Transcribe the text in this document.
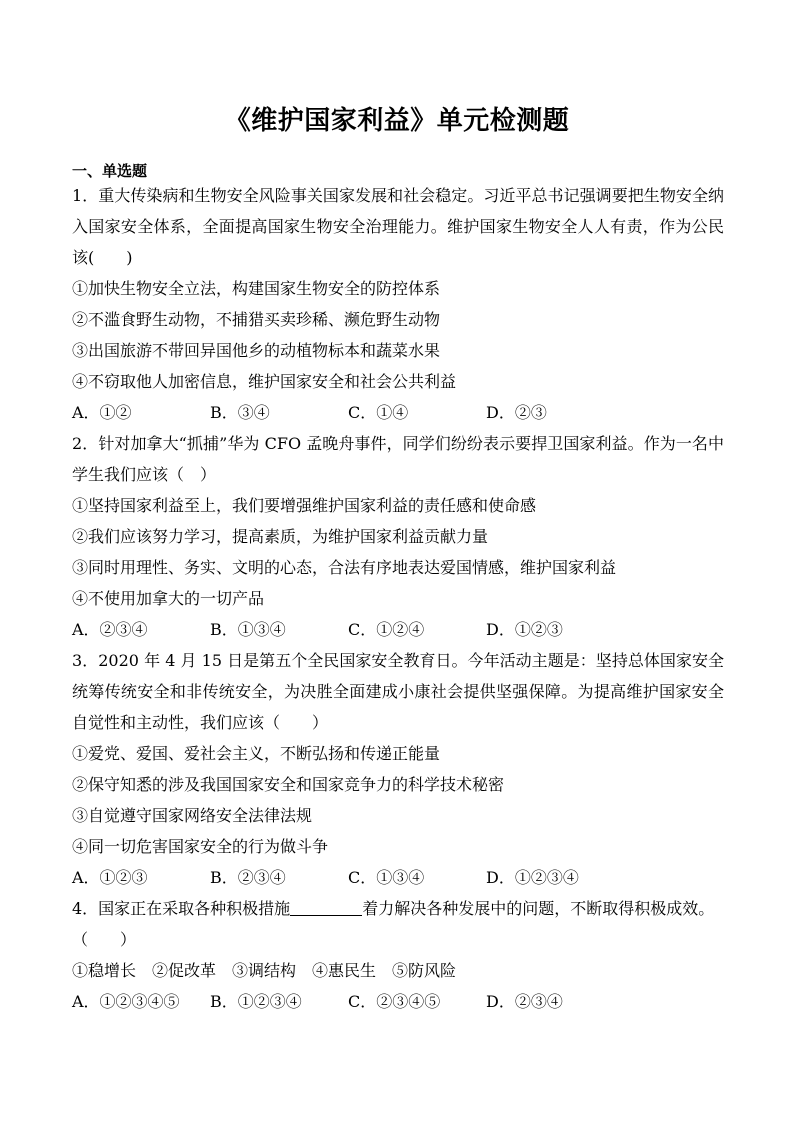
《维护国家利益》单元检测题
一、单选题
1．重大传染病和生物安全风险事关国家发展和社会稳定。习近平总书记强调要把生物安全纳
入国家安全体系，全面提高国家生物安全治理能力。维护国家生物安全人人有责，作为公民
该(　　)
①加快生物安全立法，构建国家生物安全的防控体系
②不滥食野生动物，不捕猎买卖珍稀、濒危野生动物
③出国旅游不带回异国他乡的动植物标本和蔬菜水果
④不窃取他人加密信息，维护国家安全和社会公共利益
A．①②	B．③④	C．①④	D．②③
2．针对加拿大“抓捕”华为 CFO 孟晚舟事件，同学们纷纷表示要捍卫国家利益。作为一名中
学生我们应该（　）
①坚持国家利益至上，我们要增强维护国家利益的责任感和使命感
②我们应该努力学习，提高素质，为维护国家利益贡献力量
③同时用理性、务实、文明的心态，合法有序地表达爱国情感，维护国家利益
④不使用加拿大的一切产品
A．②③④	B．①③④	C．①②④	D．①②③
3．2020 年 4 月 15 日是第五个全民国家安全教育日。今年活动主题是：坚持总体国家安全
统筹传统安全和非传统安全，为决胜全面建成小康社会提供坚强保障。为提高维护国家安全
自觉性和主动性，我们应该（　　）
①爱党、爱国、爱社会主义，不断弘扬和传递正能量
②保守知悉的涉及我国国家安全和国家竞争力的科学技术秘密
③自觉遵守国家网络安全法律法规
④同一切危害国家安全的行为做斗争
A．①②③	B．②③④	C．①③④	D．①②③④
4．国家正在采取各种积极措施	着力解决各种发展中的问题，不断取得积极成效。
（　　）
①稳增长　②促改革　③调结构　④惠民生　⑤防风险
A．①②③④⑤	B．①②③④	C．②③④⑤	D．②③④
